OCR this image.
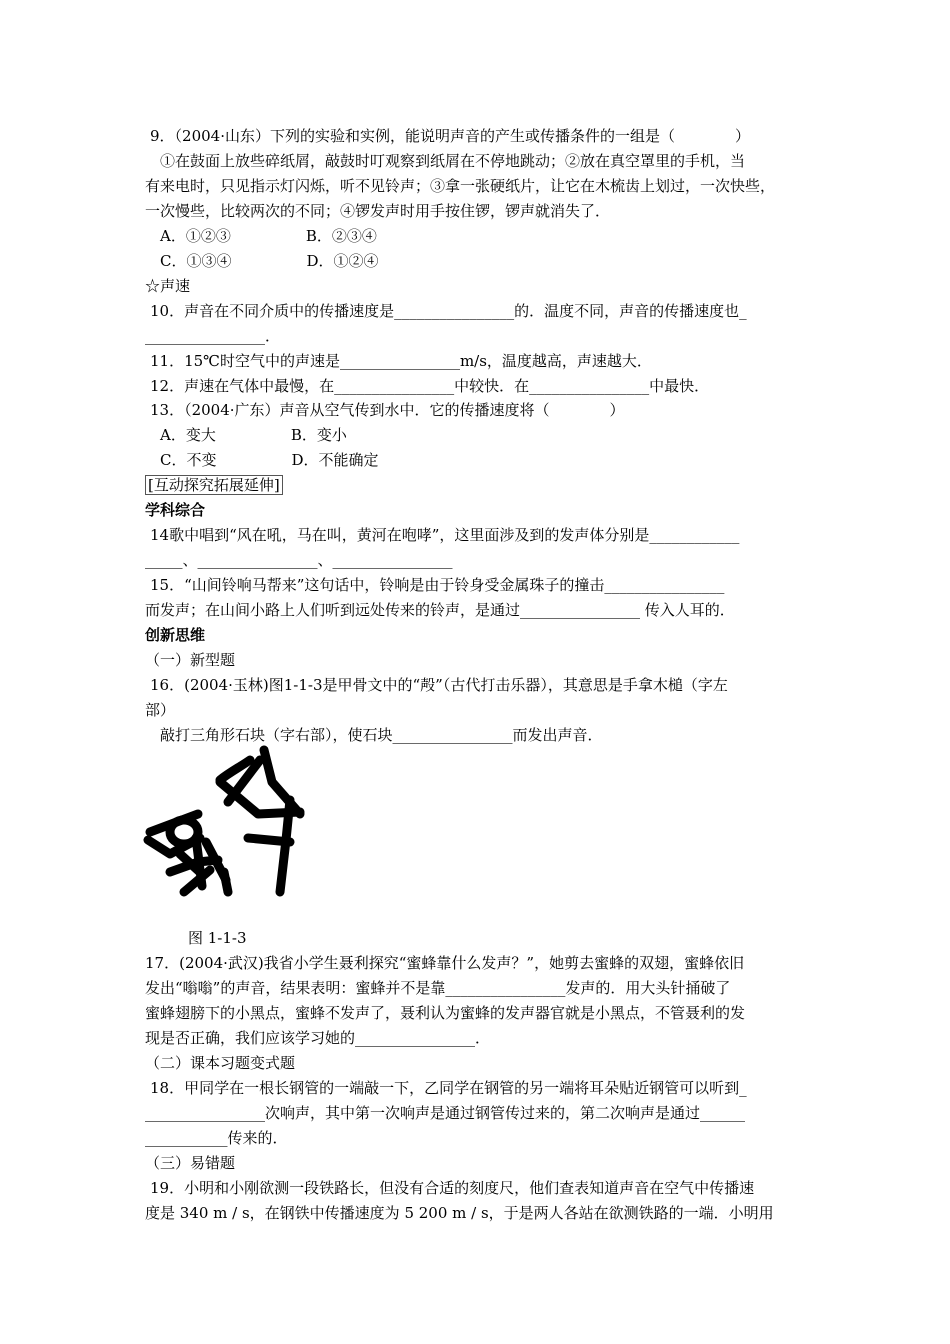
9．（2004·山东）下列的实验和实例，能说明声音的产生或传播条件的一组是（　　　　）
　①在鼓面上放些碎纸屑，敲鼓时叮观察到纸屑在不停地跳动；②放在真空罩里的手机，当
有来电时，只见指示灯闪烁，听不见铃声；③拿一张硬纸片，让它在木梳齿上划过，一次快些，
一次慢些，比较两次的不同；④锣发声时用手按住锣，锣声就消失了．
A．①②③　　　　　B．②③④
C．①③④　　　　　D．①②④
☆声速
10．声音在不同介质中的传播速度是________________的．温度不同，声音的传播速度也_
________________．
11．15℃时空气中的声速是________________m/s，温度越高，声速越大．
12．声速在气体中最慢，在________________中较快．在________________中最快．
13．（2004·广东）声音从空气传到水中．它的传播速度将（　　　　）
A．变大　　　　　B．变小
C．不变　　　　　D．不能确定
[互动探究拓展延伸]
学科综合
14歌中唱到“风在吼，马在叫，黄河在咆哮”，这里面涉及到的发声体分别是____________
_____、________________、________________
15．“山间铃响马帮来”这句话中，铃响是由于铃身受金属珠子的撞击________________
而发声；在山间小路上人们听到远处传来的铃声，是通过________________ 传入人耳的．
创新思维
（一）新型题
16．(2004·玉林)图1-1-3是甲骨文中的“殸”（古代打击乐器），其意思是手拿木槌（字左
部）
　敲打三角形石块（字右部），使石块________________而发出声音．
图 1-1-3
17．(2004·武汉)我省小学生聂利探究“蜜蜂靠什么发声？”，她剪去蜜蜂的双翅，蜜蜂依旧
发出“嗡嗡”的声音，结果表明：蜜蜂并不是靠________________发声的．用大头针捅破了
蜜蜂翅膀下的小黑点，蜜蜂不发声了，聂利认为蜜蜂的发声器官就是小黑点，不管聂利的发
现是否正确，我们应该学习她的________________．
（二）课本习题变式题
18．甲同学在一根长钢管的一端敲一下，乙同学在钢管的另一端将耳朵贴近钢管可以听到_
________________次响声，其中第一次响声是通过钢管传过来的，第二次响声是通过______
___________传来的．
（三）易错题
19．小明和小刚欲测一段铁路长，但没有合适的刻度尺，他们查表知道声音在空气中传播速
度是 340 m / s，在钢铁中传播速度为 5 200 m / s，于是两人各站在欲测铁路的一端．小明用
